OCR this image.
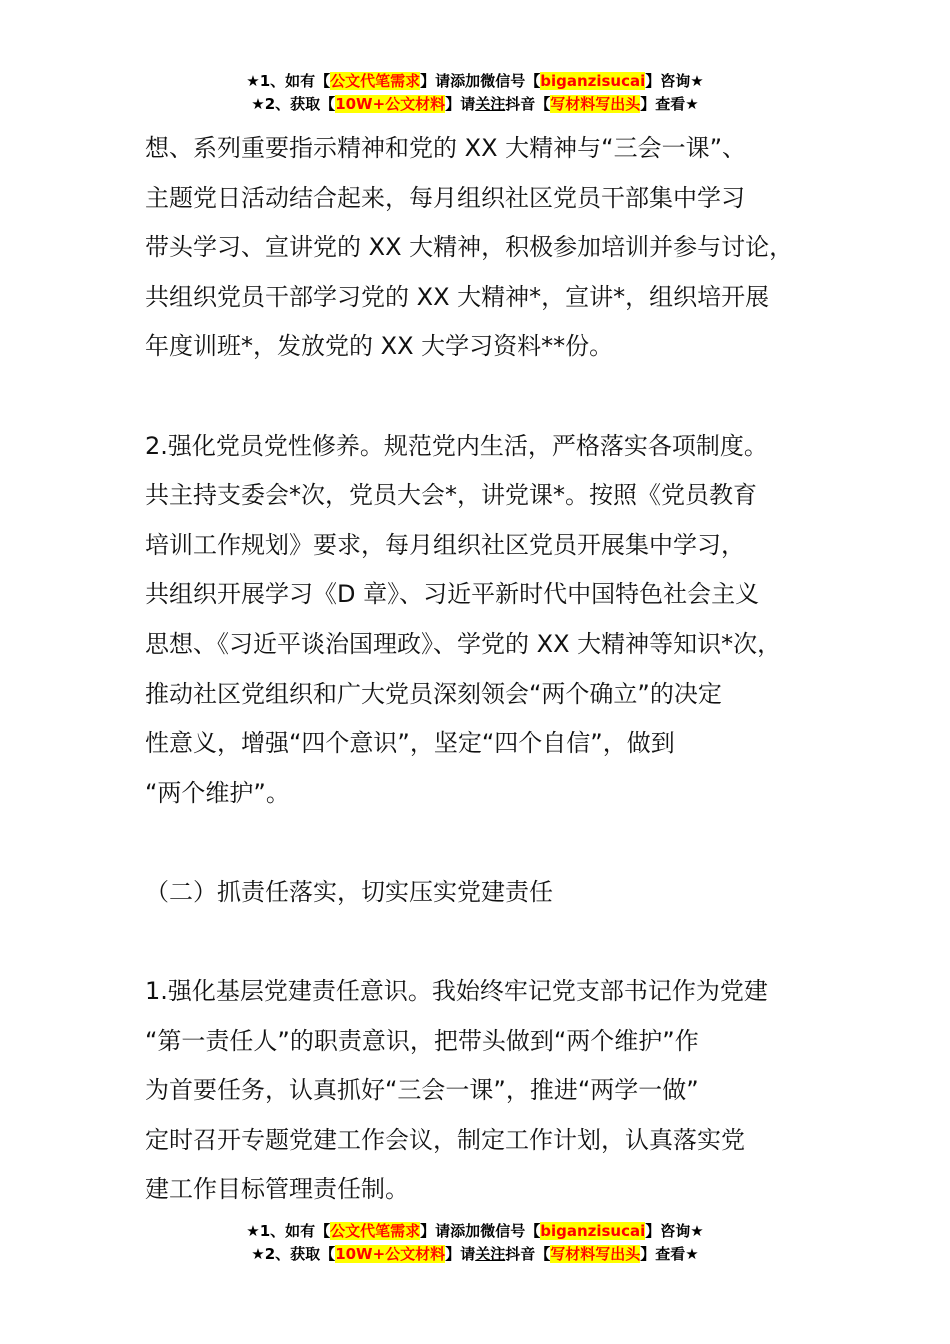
★1、如有【公文代笔需求】请添加微信号【biganzisucai】咨询★
★2、获取【10W+公文材料】请关注抖音【写材料写出头】查看★
想、系列重要指示精神和党的 XX 大精神与“三会一课”、
主题党日活动结合起来，每月组织社区党员干部集中学习
带头学习、宣讲党的 XX 大精神，积极参加培训并参与讨论，
共组织党员干部学习党的 XX 大精神*，宣讲*，组织培开展
年度训班*，发放党的 XX 大学习资料**份。
2.强化党员党性修养。规范党内生活，严格落实各项制度。
共主持支委会*次，党员大会*，讲党课*。按照《党员教育
培训工作规划》要求，每月组织社区党员开展集中学习，
共组织开展学习《D 章》、习近平新时代中国特色社会主义
思想、《习近平谈治国理政》、学党的 XX 大精神等知识*次，
推动社区党组织和广大党员深刻领会“两个确立”的决定
性意义，增强“四个意识”，坚定“四个自信”，做到
“两个维护”。
（二）抓责任落实，切实压实党建责任
1.强化基层党建责任意识。我始终牢记党支部书记作为党建
“第一责任人”的职责意识，把带头做到“两个维护”作
为首要任务，认真抓好“三会一课”，推进“两学一做”
定时召开专题党建工作会议，制定工作计划，认真落实党
建工作目标管理责任制。
★1、如有【公文代笔需求】请添加微信号【biganzisucai】咨询★
★2、获取【10W+公文材料】请关注抖音【写材料写出头】查看★
